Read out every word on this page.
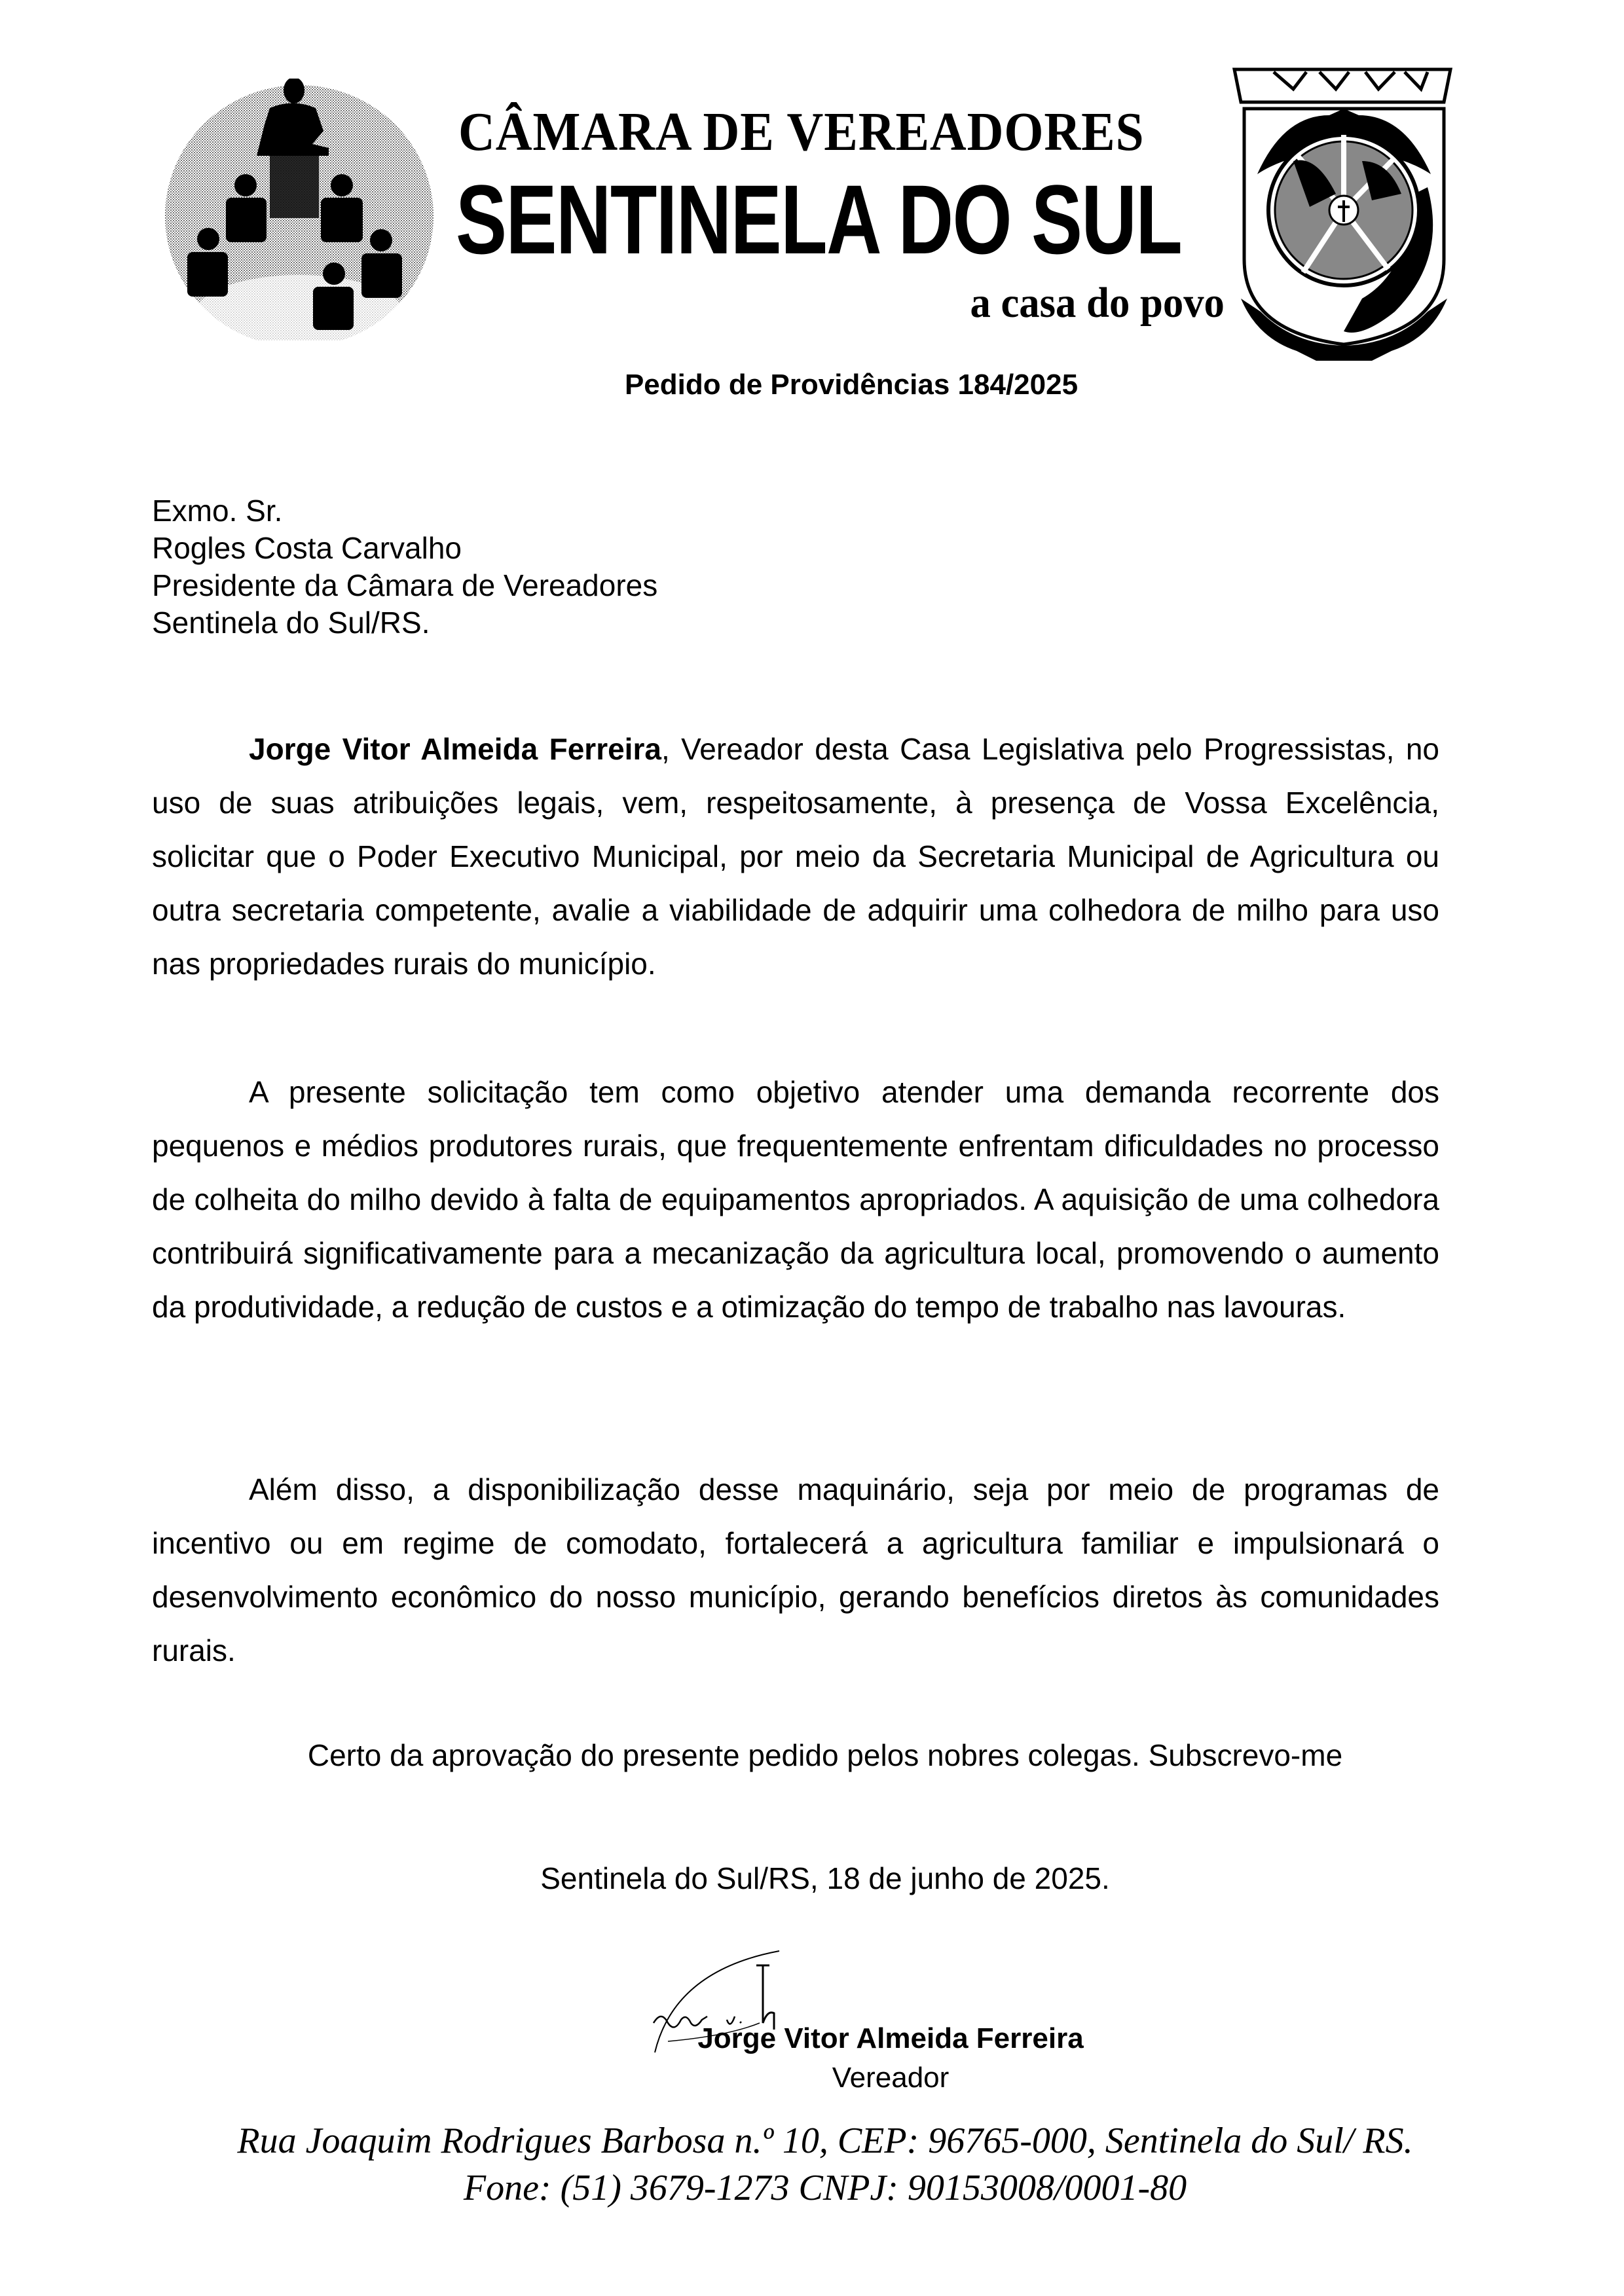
CÂMARA DE VEREADORES
SENTINELA DO SUL
a casa do povo
Pedido de Providências 184/2025
Exmo. Sr.
Rogles Costa Carvalho
Presidente da Câmara de Vereadores
Sentinela do Sul/RS.
Jorge Vitor Almeida Ferreira, Vereador desta Casa Legislativa pelo Progressistas, no uso de suas atribuições legais, vem, respeitosamente, à presença de Vossa Excelência, solicitar que o Poder Executivo Municipal, por meio da Secretaria Municipal de Agricultura ou outra secretaria competente, avalie a viabilidade de adquirir uma colhedora de milho para uso nas propriedades rurais do município.
A presente solicitação tem como objetivo atender uma demanda recorrente dos pequenos e médios produtores rurais, que frequentemente enfrentam dificuldades no processo de colheita do milho devido à falta de equipamentos apropriados. A aquisição de uma colhedora contribuirá significativamente para a mecanização da agricultura local, promovendo o aumento da produtividade, a redução de custos e a otimização do tempo de trabalho nas lavouras.
Além disso, a disponibilização desse maquinário, seja por meio de programas de incentivo ou em regime de comodato, fortalecerá a agricultura familiar e impulsionará o desenvolvimento econômico do nosso município, gerando benefícios diretos às comunidades rurais.
Certo da aprovação do presente pedido pelos nobres colegas. Subscrevo-me
Sentinela do Sul/RS, 18 de junho de 2025.
Jorge Vitor Almeida Ferreira
Vereador
Rua Joaquim Rodrigues Barbosa n.º 10, CEP: 96765-000, Sentinela do Sul/ RS.
Fone: (51) 3679-1273 CNPJ: 90153008/0001-80
